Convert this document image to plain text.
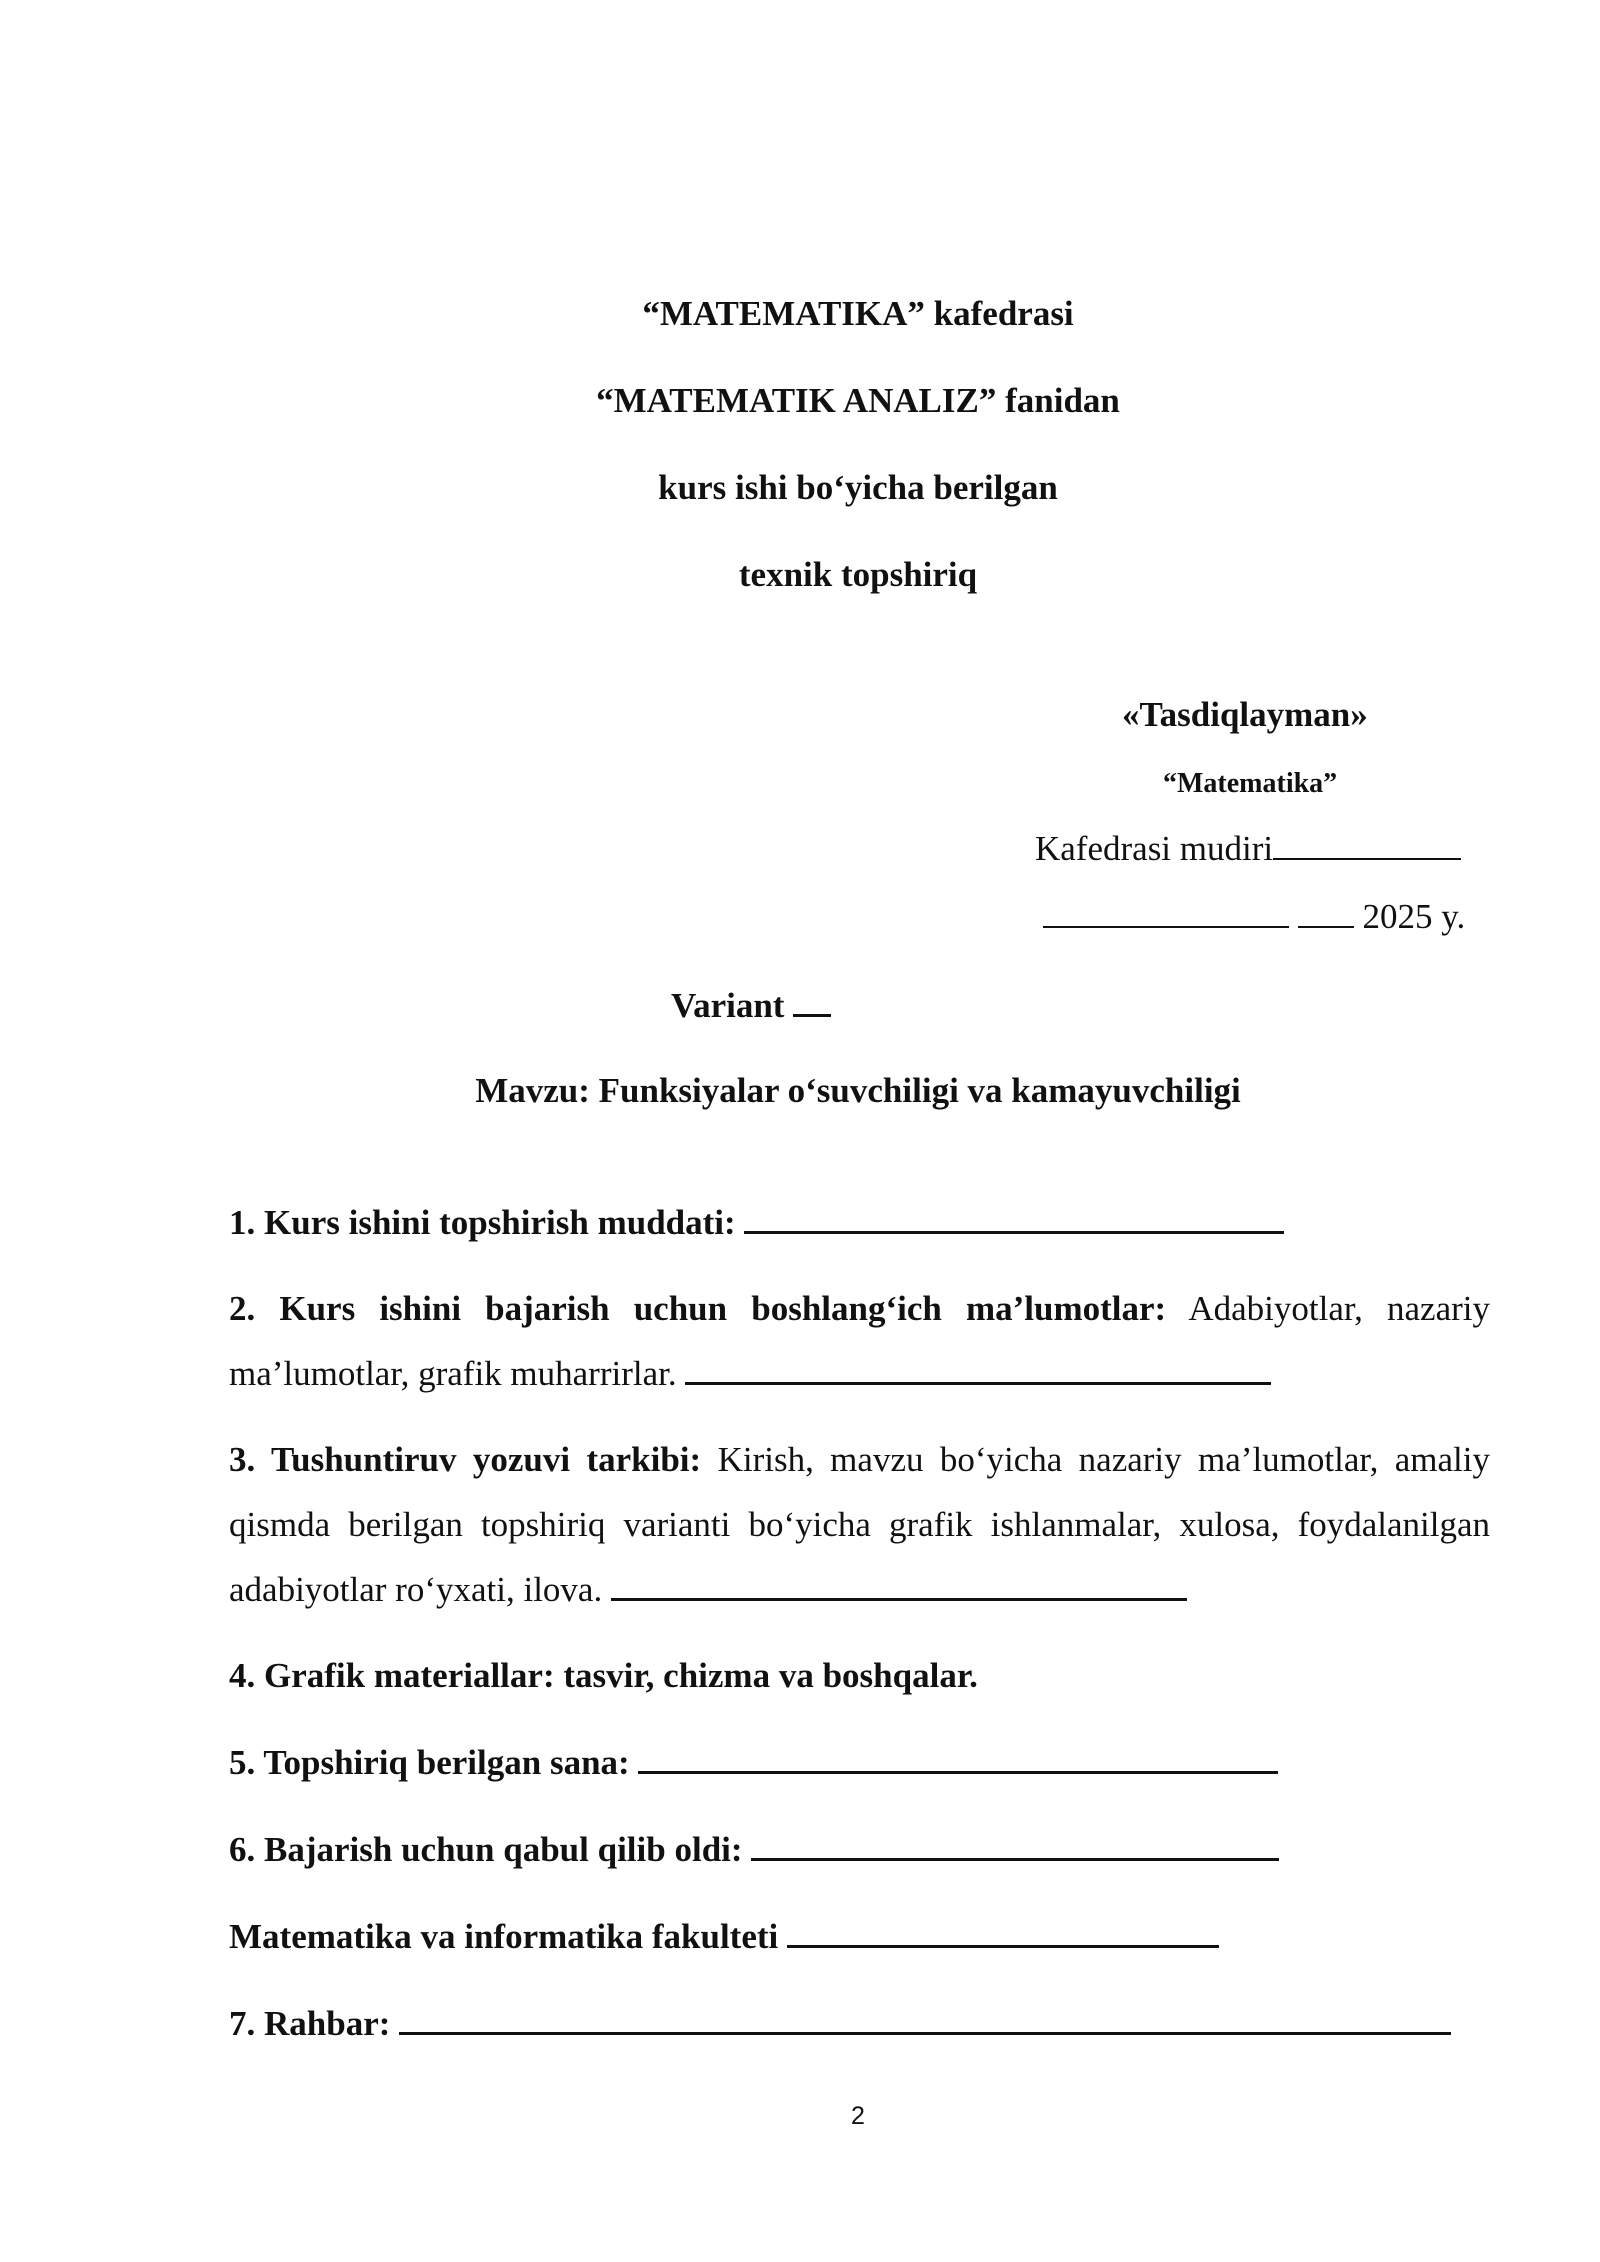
“MATEMATIKA” kafedrasi
“MATEMATIK ANALIZ” fanidan
kurs ishi bo‘yicha berilgan
texnik topshiriq
«Tasdiqlayman»
“Matematika”
Kafedrasi mudiri
2025 y.
Variant
Mavzu: Funksiyalar o‘suvchiligi va kamayuvchiligi
1. Kurs ishini topshirish muddati:
2. Kurs ishini bajarish uchun boshlang‘ich ma’lumotlar: Adabiyotlar, nazariy ma’lumotlar, grafik muharrirlar.
3. Tushuntiruv yozuvi tarkibi: Kirish, mavzu bo‘yicha nazariy ma’lumotlar, amaliy qismda berilgan topshiriq varianti bo‘yicha grafik ishlanmalar, xulosa, foydalanilgan adabiyotlar ro‘yxati, ilova.
4. Grafik materiallar: tasvir, chizma va boshqalar.
5. Topshiriq berilgan sana:
6. Bajarish uchun qabul qilib oldi:
Matematika va informatika fakulteti
7. Rahbar:
2
